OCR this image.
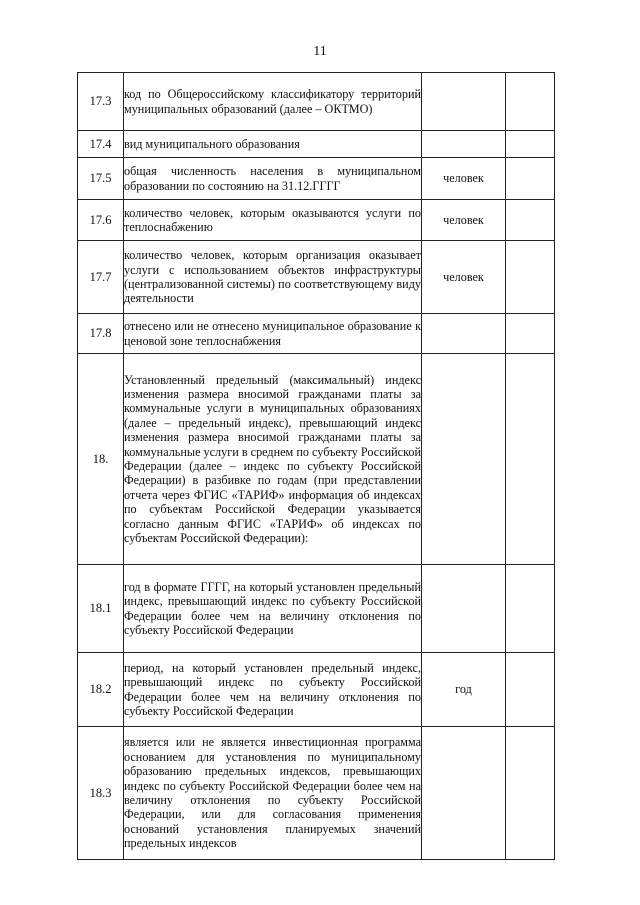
11
17.3	код по Общероссийскому классификатору территорий муниципальных образований (далее – ОКТМО)		

17.4	вид муниципального образования		

17.5	общая численность населения в муниципальном образовании по состоянию на 31.12.ГГГГ	человек	
17.6	количество человек, которым оказываются услуги по теплоснабжению	человек	
17.7	количество человек, которым организация оказывает услуги с использованием объектов инфраструктуры (централизованной системы) по соответствующему виду деятельности	человек	
17.8	отнесено или не отнесено муниципальное образование к ценовой зоне теплоснабжения		

18.	Установленный предельный (максимальный) индекс изменения размера вносимой гражданами платы за коммунальные услуги в муниципальных образованиях (далее – предельный индекс), превышающий индекс изменения размера вносимой гражданами платы за коммунальные услуги в среднем по субъекту Российской Федерации (далее – индекс по субъекту Российской Федерации) в разбивке по годам (при представлении отчета через ФГИС «ТАРИФ» информация об индексах по субъектам Российской Федерации указывается согласно данным ФГИС «ТАРИФ» об индексах по субъектам Российской Федерации):		

18.1	год в формате ГГГГ, на который установлен предельный индекс, превышающий индекс по субъекту Российской Федерации более чем на величину отклонения по субъекту Российской Федерации		

18.2	период, на который установлен предельный индекс, превышающий индекс по субъекту Российской Федерации более чем на величину отклонения по субъекту Российской Федерации	год	
18.3	является или не является инвестиционная программа основанием для установления по муниципальному образованию предельных индексов, превышающих индекс по субъекту Российской Федерации более чем на величину отклонения по субъекту Российской Федерации, или для согласования применения оснований установления планируемых значений предельных индексов		
